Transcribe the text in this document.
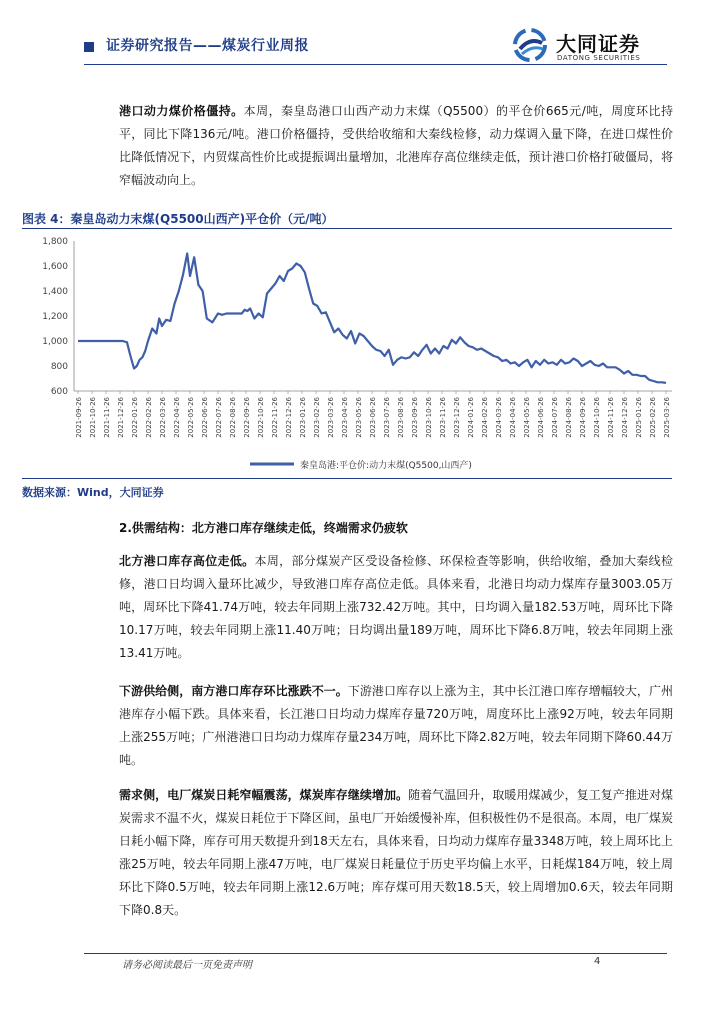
证券研究报告——煤炭行业周报	大同证券
DATONG SECURITIES
港口动力煤价格僵持。本周，秦皇岛港口山西产动力末煤（Q5500）的平仓价665元/吨，周度环比持平，同比下降136元/吨。港口价格僵持，受供给收缩和大秦线检修，动力煤调入量下降，在进口煤性价比降低情况下，内贸煤高性价比或提振调出量增加，北港库存高位继续走低，预计港口价格打破僵局，将窄幅波动向上。
图表 4：秦皇岛动力末煤(Q5500山西产)平仓价（元/吨）
600
800
1,000
1,200
1,400
1,600
1,800
2021-09-26 2021-10-26 2021-11-26 2021-12-26 2022-01-26 2022-02-26 2022-03-26 2022-04-26 2022-05-26 2022-06-26 2022-07-26 2022-08-26 2022-09-26 2022-10-26 2022-11-26 2022-12-26 2023-01-26 2023-02-26 2023-03-26 2023-04-26 2023-05-26 2023-06-26 2023-07-26 2023-08-26 2023-09-26 2023-10-26 2023-11-26 2023-12-26 2024-01-26 2024-02-26 2024-03-26 2024-04-26 2024-05-26 2024-06-26 2024-07-26 2024-08-26 2024-09-26 2024-10-26 2024-11-26 2024-12-26 2025-01-26 2025-02-26 2025-03-26
秦皇岛港:平仓价:动力末煤(Q5500,山西产)
数据来源：Wind，大同证券
2.供需结构：北方港口库存继续走低，终端需求仍疲软
北方港口库存高位走低。本周，部分煤炭产区受设备检修、环保检查等影响，供给收缩，叠加大秦线检修，港口日均调入量环比减少，导致港口库存高位走低。具体来看，北港日均动力煤库存量3003.05万吨，周环比下降41.74万吨，较去年同期上涨732.42万吨。其中，日均调入量182.53万吨，周环比下降10.17万吨，较去年同期上涨11.40万吨；日均调出量189万吨，周环比下降6.8万吨，较去年同期上涨13.41万吨。
下游供给侧，南方港口库存环比涨跌不一。下游港口库存以上涨为主，其中长江港口库存增幅较大，广州港库存小幅下跌。具体来看，长江港口日均动力煤库存量720万吨，周度环比上涨92万吨，较去年同期上涨255万吨；广州港港口日均动力煤库存量234万吨，周环比下降2.82万吨，较去年同期下降60.44万吨。
需求侧，电厂煤炭日耗窄幅震荡，煤炭库存继续增加。随着气温回升，取暖用煤减少，复工复产推进对煤炭需求不温不火，煤炭日耗位于下降区间，虽电厂开始缓慢补库，但积极性仍不是很高。本周，电厂煤炭日耗小幅下降，库存可用天数提升到18天左右，具体来看，日均动力煤库存量3348万吨，较上周环比上涨25万吨，较去年同期上涨47万吨，电厂煤炭日耗量位于历史平均偏上水平，日耗煤184万吨，较上周环比下降0.5万吨，较去年同期上涨12.6万吨；库存煤可用天数18.5天，较上周增加0.6天，较去年同期下降0.8天。
请务必阅读最后一页免责声明	4
